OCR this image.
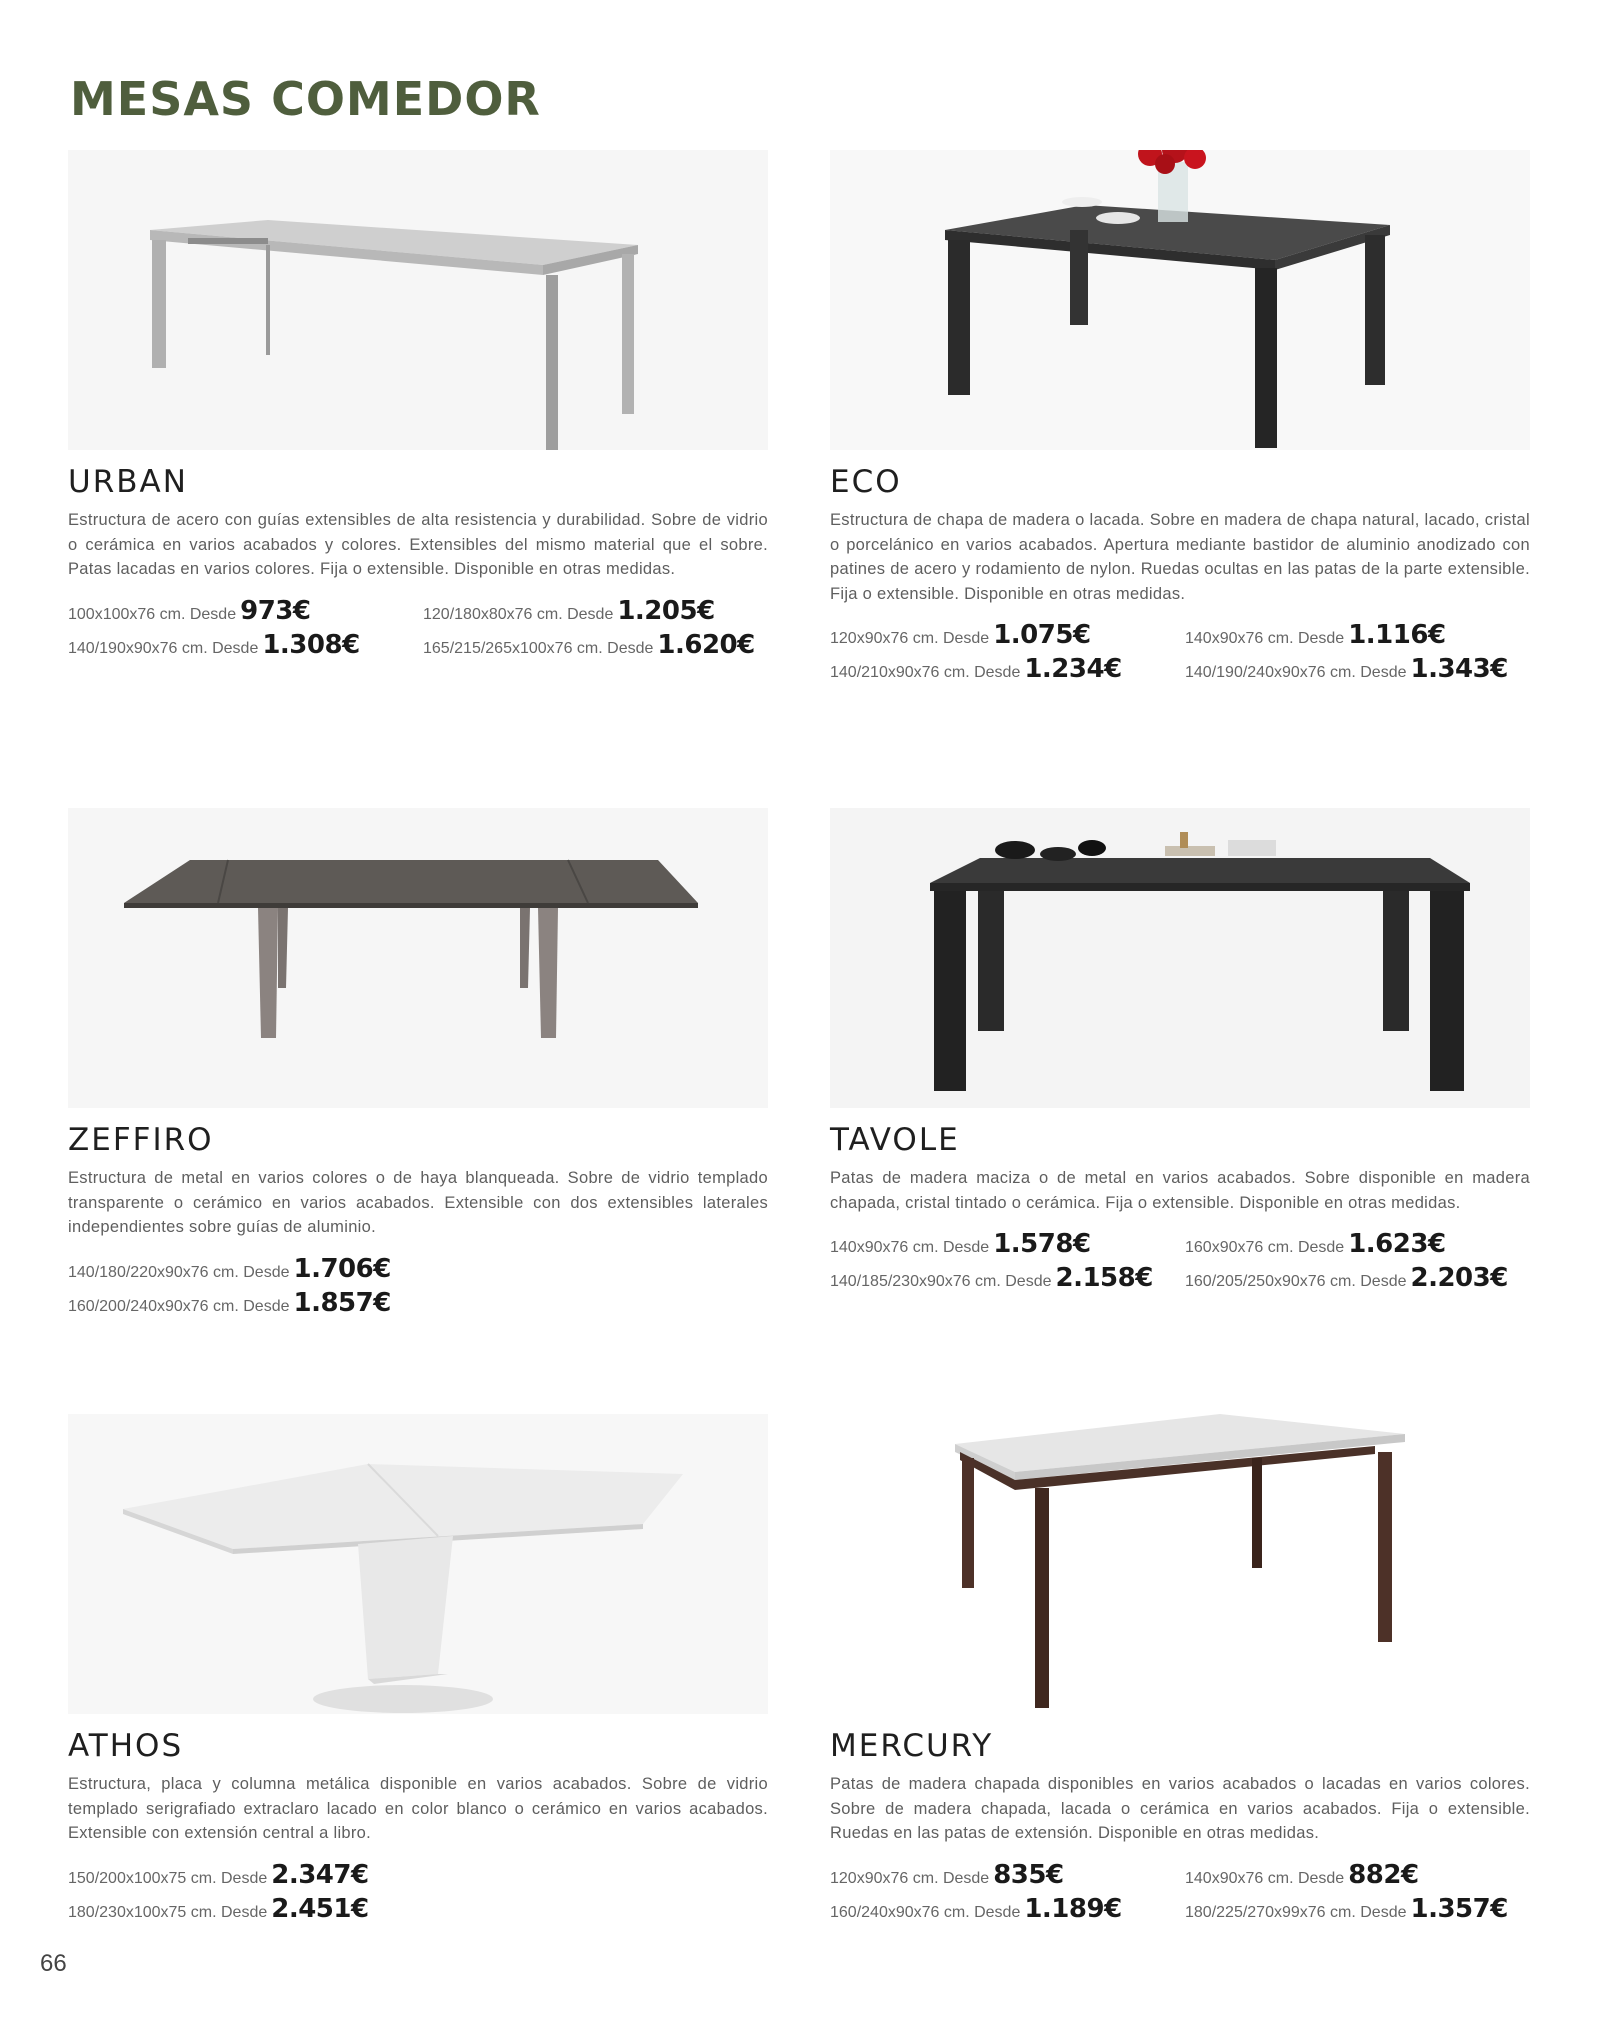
MESAS COMEDOR
URBAN

Estructura de acero con guías extensibles de alta resistencia y durabilidad. Sobre de vidrio o cerámica en varios acabados y colores. Extensibles del mismo material que el sobre. Patas lacadas en varios colores. Fija o extensible. Disponible en otras medidas.

100x100x76 cm. Desde 973€	120/180x80x76 cm. Desde 1.205€
140/190x90x76 cm. Desde 1.308€	165/215/265x100x76 cm. Desde 1.620€
ECO

Estructura de chapa de madera o lacada. Sobre en madera de chapa natural, lacado, cristal o porcelánico en varios acabados. Apertura mediante bastidor de aluminio anodizado con patines de acero y rodamiento de nylon. Ruedas ocultas en las patas de la parte extensible. Fija o extensible. Disponible en otras medidas.

120x90x76 cm. Desde 1.075€	140x90x76 cm. Desde 1.116€
140/210x90x76 cm. Desde 1.234€	140/190/240x90x76 cm. Desde 1.343€
ZEFFIRO

Estructura de metal en varios colores o de haya blanqueada. Sobre de vidrio templado transparente o cerámico en varios acabados. Extensible con dos extensibles laterales independientes sobre guías de aluminio.

140/180/220x90x76 cm. Desde 1.706€
160/200/240x90x76 cm. Desde 1.857€
TAVOLE

Patas de madera maciza o de metal en varios acabados. Sobre disponible en madera chapada, cristal tintado o cerámica. Fija o extensible. Disponible en otras medidas.

140x90x76 cm. Desde 1.578€	160x90x76 cm. Desde 1.623€
140/185/230x90x76 cm. Desde 2.158€	160/205/250x90x76 cm. Desde 2.203€
ATHOS

Estructura, placa y columna metálica disponible en varios acabados. Sobre de vidrio templado serigrafiado extraclaro lacado en color blanco o cerámico en varios acabados. Extensible con extensión central a libro.

150/200x100x75 cm. Desde 2.347€
180/230x100x75 cm. Desde 2.451€
MERCURY

Patas de madera chapada disponibles en varios acabados o lacadas en varios colores. Sobre de madera chapada, lacada o cerámica en varios acabados. Fija o extensible. Ruedas en las patas de extensión. Disponible en otras medidas.

120x90x76 cm. Desde 835€	140x90x76 cm. Desde 882€
160/240x90x76 cm. Desde 1.189€	180/225/270x99x76 cm. Desde 1.357€
66
